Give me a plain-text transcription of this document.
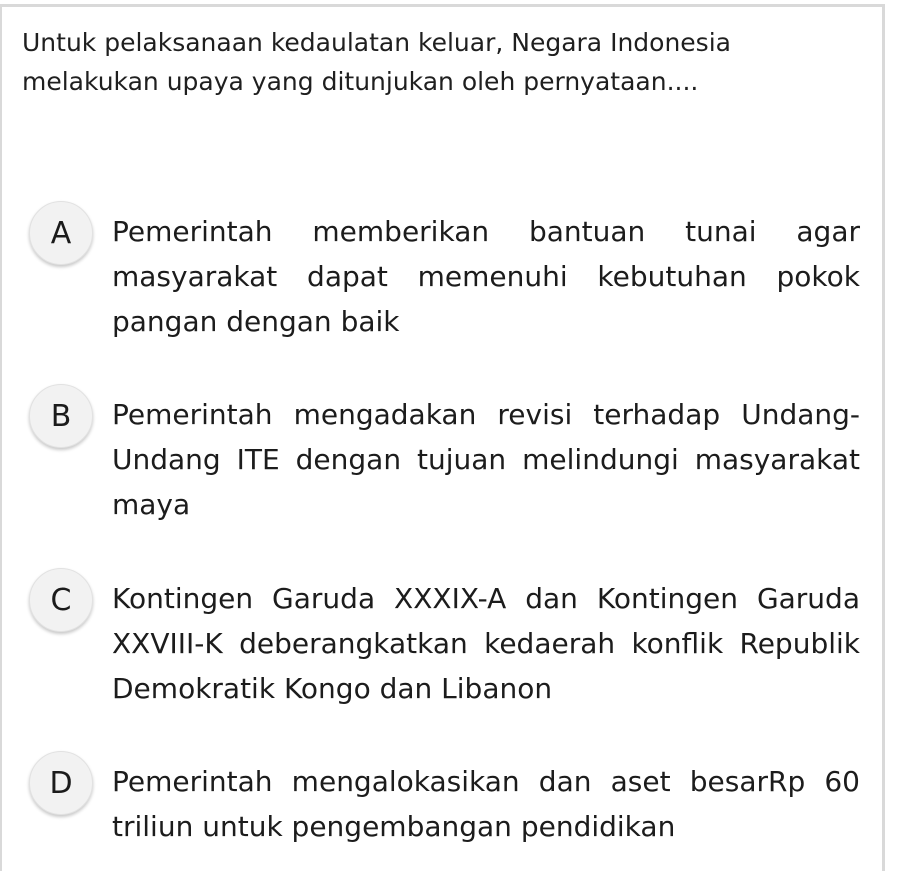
Untuk pelaksanaan kedaulatan keluar, Negara Indonesia melakukan upaya yang ditunjukan oleh pernyataan....

A	Pemerintah memberikan bantuan tunai agar masyarakat dapat memenuhi kebutuhan pokok pangan dengan baik

B	Pemerintah mengadakan revisi terhadap Undang-Undang ITE dengan tujuan melindungi masyarakat maya

C	Kontingen Garuda XXXIX-A dan Kontingen Garuda XXVIII-K deberangkatkan kedaerah konflik Republik Demokratik Kongo dan Libanon

D	Pemerintah mengalokasikan dan aset besarRp 60 triliun untuk pengembangan pendidikan
